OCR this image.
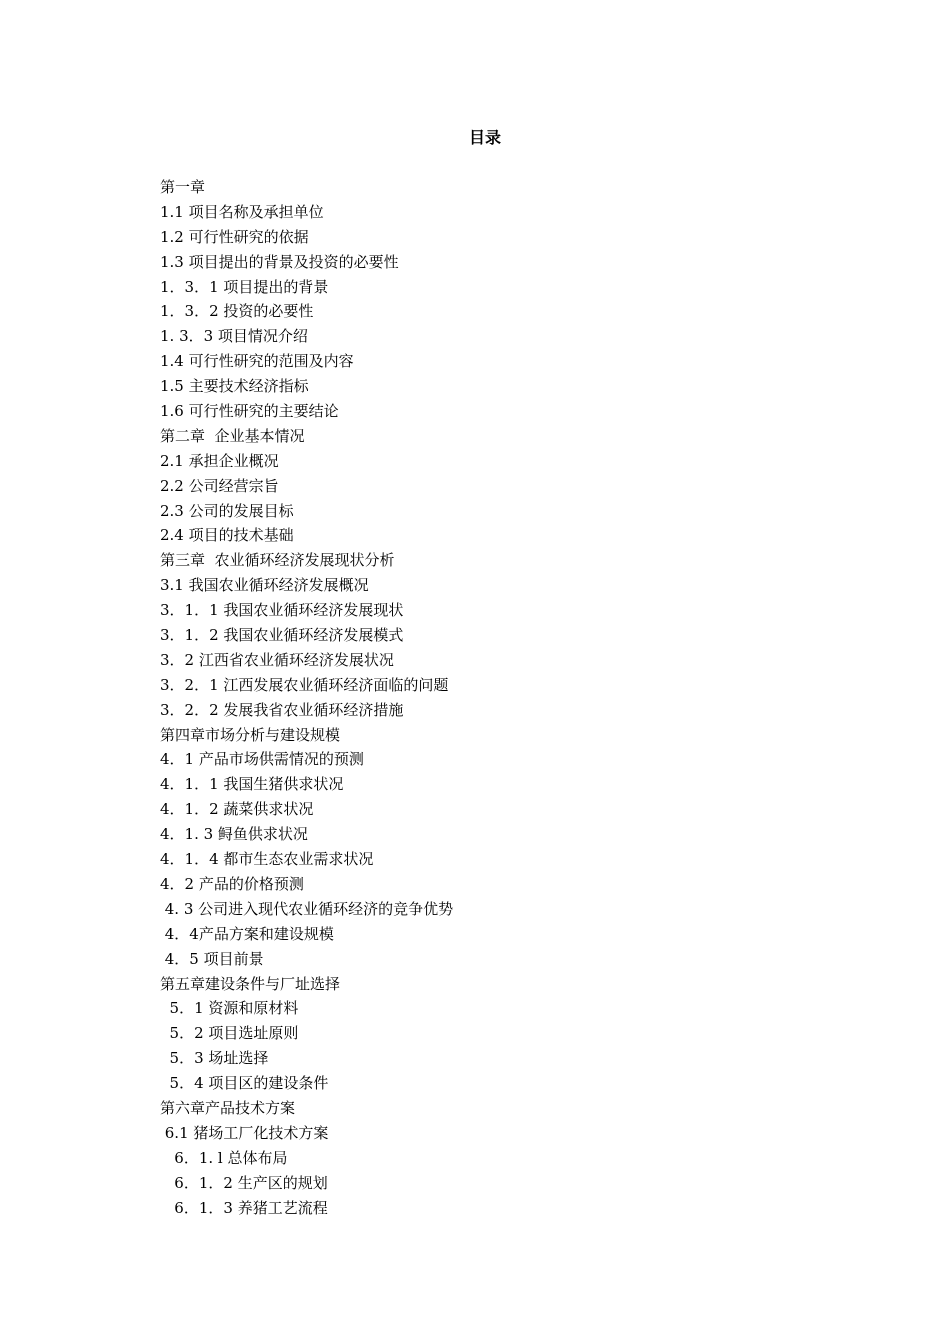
目录
第一章
1.1 项目名称及承担单位
1.2 可行性研究的依据
1.3 项目提出的背景及投资的必要性
1．3．1 项目提出的背景
1．3．2 投资的必要性
1. 3．3 项目情况介绍
1.4 可行性研究的范围及内容
1.5 主要技术经济指标
1.6 可行性研究的主要结论
第二章  企业基本情况
2.1 承担企业概况
2.2 公司经营宗旨
2.3 公司的发展目标
2.4 项目的技术基础
第三章  农业循环经济发展现状分析
3.1 我国农业循环经济发展概况
3．1．1 我国农业循环经济发展现状
3．1．2 我国农业循环经济发展模式
3．2 江西省农业循环经济发展状况
3．2．1 江西发展农业循环经济面临的问题
3．2．2 发展我省农业循环经济措施
第四章市场分析与建设规模
4．1 产品市场供需情况的预测
4．1．1 我国生猪供求状况
4．1．2 蔬菜供求状况
4．1. 3 鲟鱼供求状况
4．1．4 都市生态农业需求状况
4．2 产品的价格预测
4. 3 公司进入现代农业循环经济的竞争优势
4．4产品方案和建设规模
4．5 项目前景
第五章建设条件与厂址选择
5．1 资源和原材料
5．2 项目选址原则
5．3 场址选择
5．4 项目区的建设条件
第六章产品技术方案
6.1 猪场工厂化技术方案
6．1. l 总体布局
6．1．2 生产区的规划
6．1．3 养猪工艺流程
